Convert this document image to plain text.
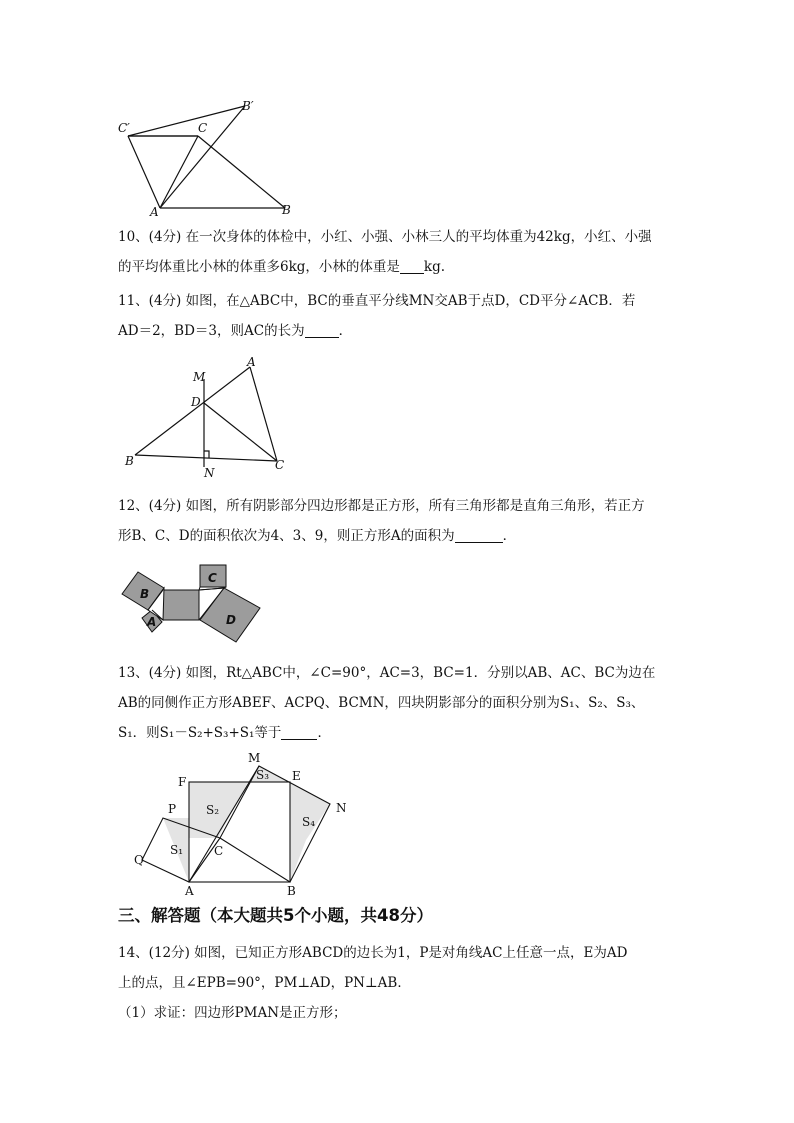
C′	C
B′
A	B

10、(4分) 在一次身体的体检中，小红、小强、小林三人的平均体重为42kg，小红、小强
的平均体重比小林的体重多6kg，小林的体重是 kg.

11、(4分) 如图，在△ABC中，BC的垂直平分线MN交AB于点D，CD平分∠ACB．若
AD＝2，BD＝3，则AC的长为	．

M
A
D
B
N
C

12、(4分) 如图，所有阴影部分四边形都是正方形，所有三角形都是直角三角形，若正方
形B、C、D的面积依次为4、3、9，则正方形A的面积为	．

B
C
A	D

13、(4分) 如图，Rt△ABC中，∠C=90°，AC=3，BC=1．分别以AB、AC、BC为边在
AB的同侧作正方形ABEF、ACPQ、BCMN，四块阴影部分的面积分别为S₁、S₂、S₃、
S₁．则S₁－S₂+S₃+S₁等于	．

M
F	S₃ E
P S₂	N
S₄
S₁	C
Q
A	B

三、解答题（本大题共5个小题，共48分）

14、(12分) 如图，已知正方形ABCD的边长为1，P是对角线AC上任意一点，E为AD
上的点，且∠EPB=90°，PM⊥AD，PN⊥AB．
（1）求证：四边形PMAN是正方形；
